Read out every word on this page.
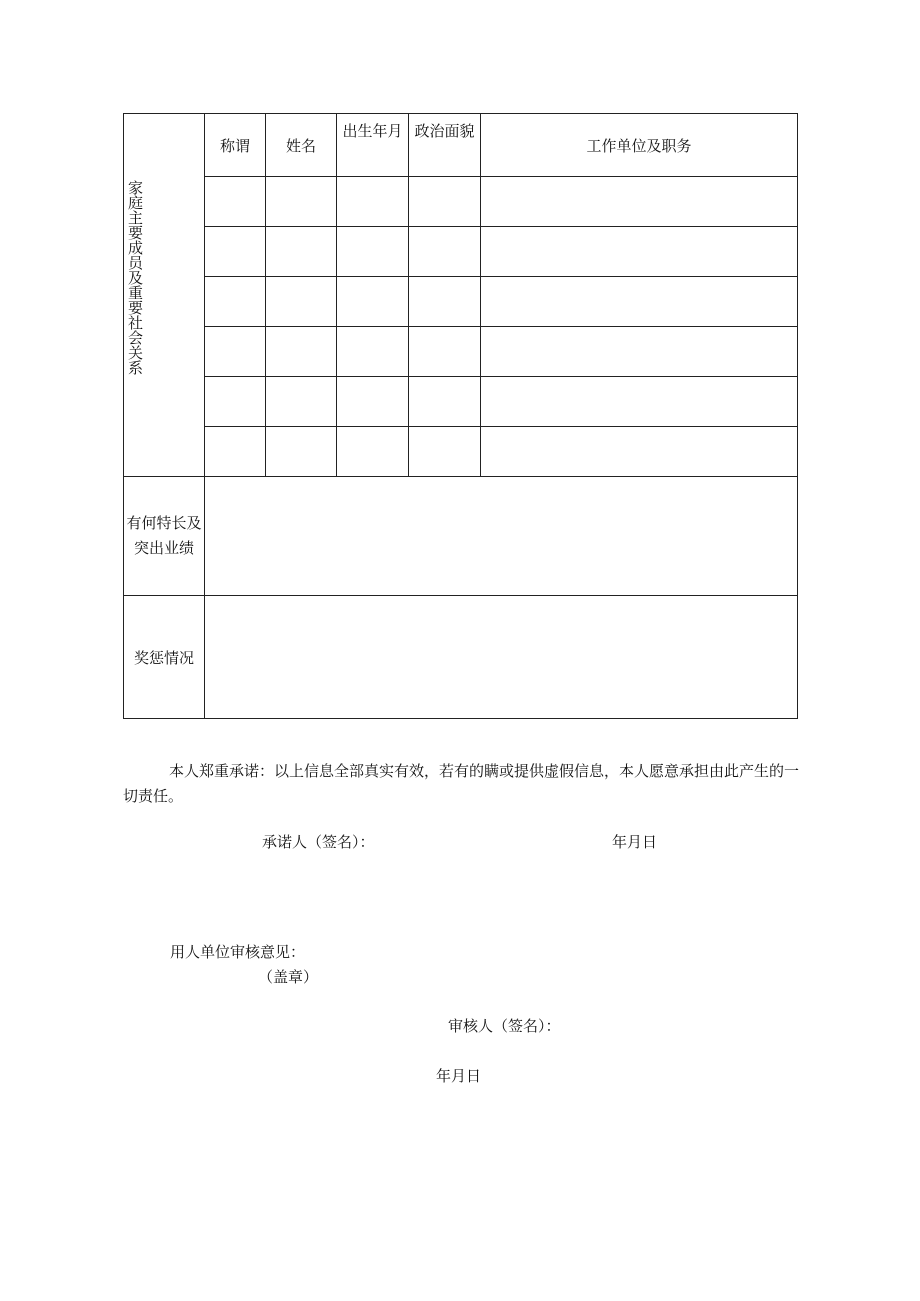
家庭主要成员及重要社会关系	称谓	姓名	出生年月	政治面貌	工作单位及职务

有何特长及突出业绩					
奖惩情况					
本人郑重承诺：以上信息全部真实有效，若有的瞒或提供虚假信息，本人愿意承担由此产生的一切责任。
承诺人（签名）：	年月日
用人单位审核意见：
（盖章）
审核人（签名）：
年月日
